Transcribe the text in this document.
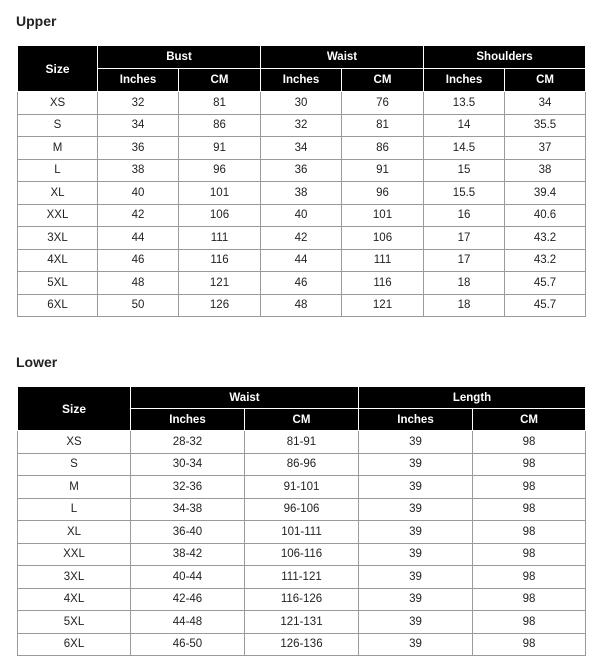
Upper
Size	Bust		Waist		Shoulders	
	Inches	CM	Inches	CM	Inches	CM
XS	32	81	30	76	13.5	34
S	34	86	32	81	14	35.5
M	36	91	34	86	14.5	37
L	38	96	36	91	15	38
XL	40	101	38	96	15.5	39.4
XXL	42	106	40	101	16	40.6
3XL	44	111	42	106	17	43.2
4XL	46	116	44	111	17	43.2
5XL	48	121	46	116	18	45.7
6XL	50	126	48	121	18	45.7
Lower
Size	Waist		Length	
	Inches	CM	Inches	CM
XS	28-32	81-91	39	98
S	30-34	86-96	39	98
M	32-36	91-101	39	98
L	34-38	96-106	39	98
XL	36-40	101-111	39	98
XXL	38-42	106-116	39	98
3XL	40-44	111-121	39	98
4XL	42-46	116-126	39	98
5XL	44-48	121-131	39	98
6XL	46-50	126-136	39	98
